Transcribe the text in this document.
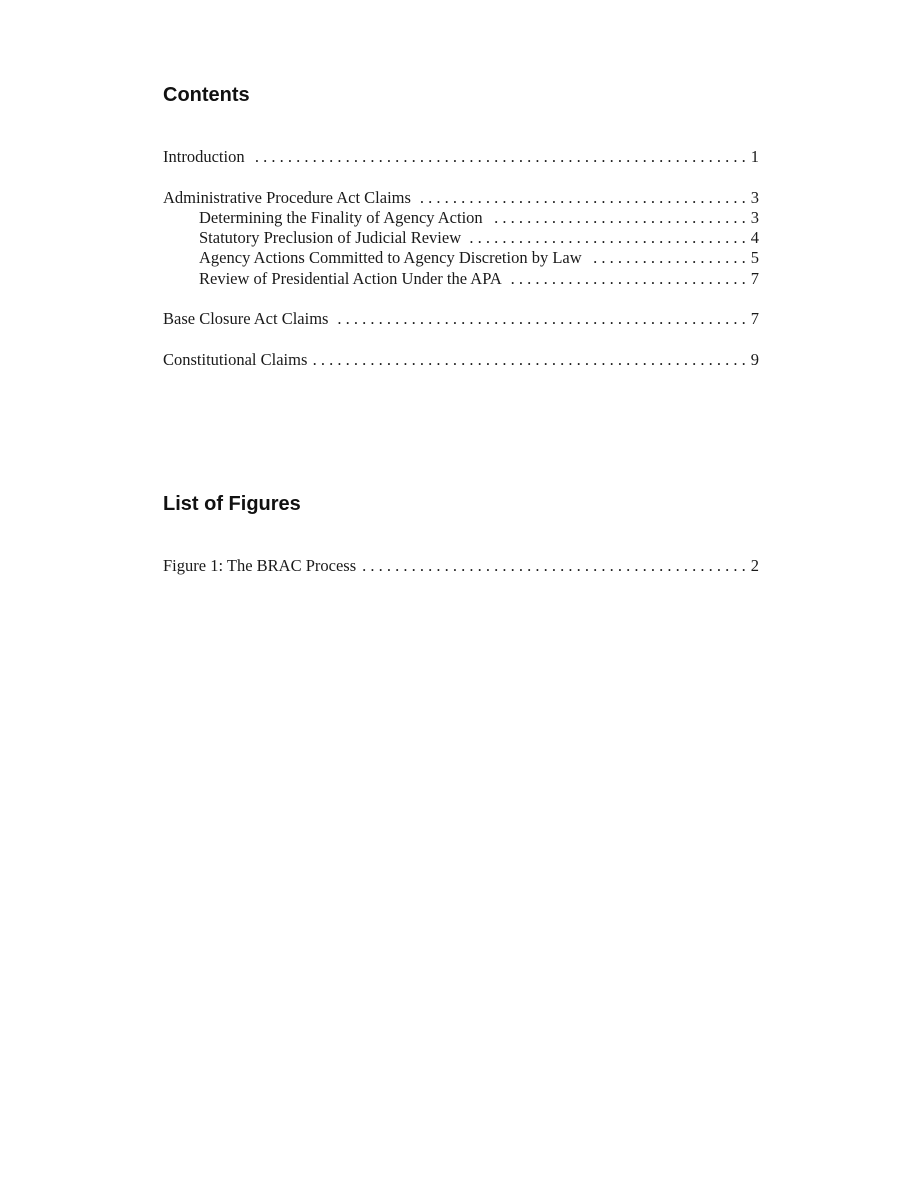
Contents
Introduction . . .	1
Administrative Procedure Act Claims . . .	3
Determining the Finality of Agency Action . . .	3
Statutory Preclusion of Judicial Review . . .	4
Agency Actions Committed to Agency Discretion by Law . . .	5
Review of Presidential Action Under the APA . . .	7
Base Closure Act Claims . . .	7
Constitutional Claims . . .	9
List of Figures
Figure 1: The BRAC Process . . .	2
